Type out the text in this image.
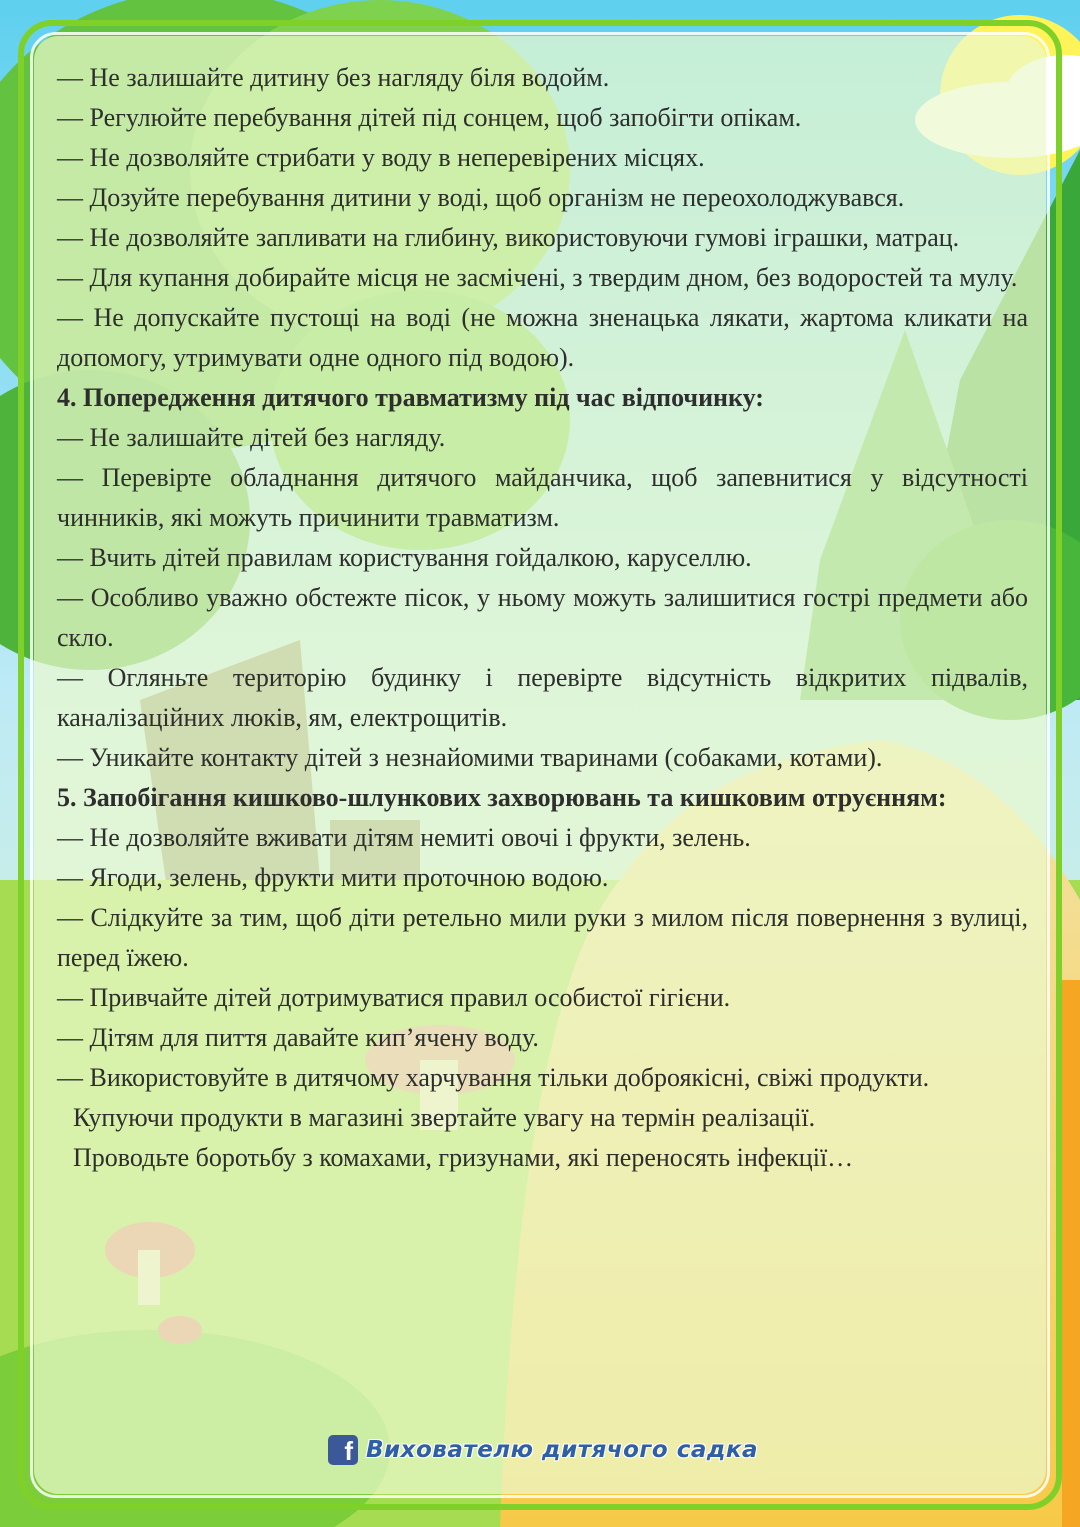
— Не залишайте дитину без нагляду біля водойм.

— Регулюйте перебування дітей під сонцем, щоб запобігти опікам.

— Не дозволяйте стрибати у воду в неперевірених місцях.

— Дозуйте перебування дитини у воді, щоб організм не переохолоджувався.

— Не дозволяйте запливати на глибину, використовуючи гумові іграшки, матрац.

— Для купання добирайте місця не засмічені, з твердим дном, без водоростей та мулу.

— Не допускайте пустощі на воді (не можна зненацька лякати, жартома кликати на допомогу, утримувати одне одного під водою).

4. Попередження дитячого травматизму під час відпочинку:

— Не залишайте дітей без нагляду.

— Перевірте обладнання дитячого майданчика, щоб запевнитися у відсутності чинників, які можуть причинити травматизм.

— Вчить дітей правилам користування гойдалкою, каруселлю.

— Особливо уважно обстежте пісок, у ньому можуть залишитися гострі предмети або скло.

— Огляньте територію будинку і перевірте відсутність відкритих підвалів, каналізаційних люків, ям, електрощитів.

— Уникайте контакту дітей з незнайомими тваринами (собаками, котами).

5. Запобігання кишково-шлункових захворювань та кишковим отруєнням:

— Не дозволяйте вживати дітям немиті овочі і фрукти, зелень.

— Ягоди, зелень, фрукти мити проточною водою.

— Слідкуйте за тим, щоб діти ретельно мили руки з милом після повернення з вулиці, перед їжею.

— Привчайте дітей дотримуватися правил особистої гігієни.

— Дітям для пиття давайте кип’ячену воду.

— Використовуйте в дитячому харчування тільки доброякісні, свіжі продукти.

Купуючи продукти в магазині звертайте увагу на термін реалізації.

Проводьте боротьбу з комахами, гризунами, які переносять інфекції…

f Вихователю дитячого садка
